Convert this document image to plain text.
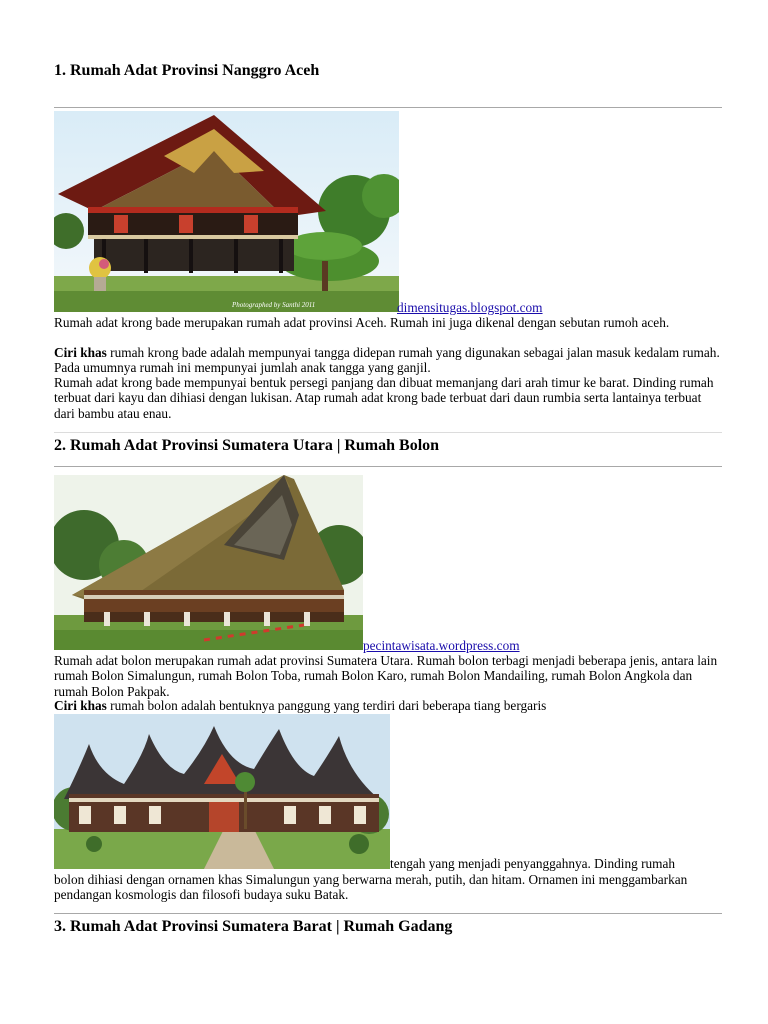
1. Rumah Adat Provinsi Nanggro Aceh
Photographed by Santhi 2011	dimensitugas.blogspot.com
Rumah adat krong bade merupakan rumah adat provinsi Aceh. Rumah ini juga dikenal dengan sebutan rumoh aceh.
Ciri khas rumah krong bade adalah mempunyai tangga didepan rumah yang digunakan sebagai jalan masuk kedalam rumah. Pada umumnya rumah ini mempunyai jumlah anak tangga yang ganjil.
Rumah adat krong bade mempunyai bentuk persegi panjang dan dibuat memanjang dari arah timur ke barat. Dinding rumah terbuat dari kayu dan dihiasi dengan lukisan. Atap rumah adat krong bade terbuat dari daun rumbia serta lantainya terbuat dari bambu atau enau.
2. Rumah Adat Provinsi Sumatera Utara | Rumah Bolon
pecintawisata.wordpress.com
Rumah adat bolon merupakan rumah adat provinsi Sumatera Utara. Rumah bolon terbagi menjadi beberapa jenis, antara lain rumah Bolon Simalungun, rumah Bolon Toba, rumah Bolon Karo, rumah Bolon Mandailing, rumah Bolon Angkola dan rumah Bolon Pakpak.
Ciri khas rumah bolon adalah bentuknya panggung yang terdiri dari beberapa tiang bergaris
tengah yang menjadi penyanggahnya. Dinding rumah
bolon dihiasi dengan ornamen khas Simalungun yang berwarna merah, putih, dan hitam. Ornamen ini menggambarkan pendangan kosmologis dan filosofi budaya suku Batak.
3. Rumah Adat Provinsi Sumatera Barat | Rumah Gadang
